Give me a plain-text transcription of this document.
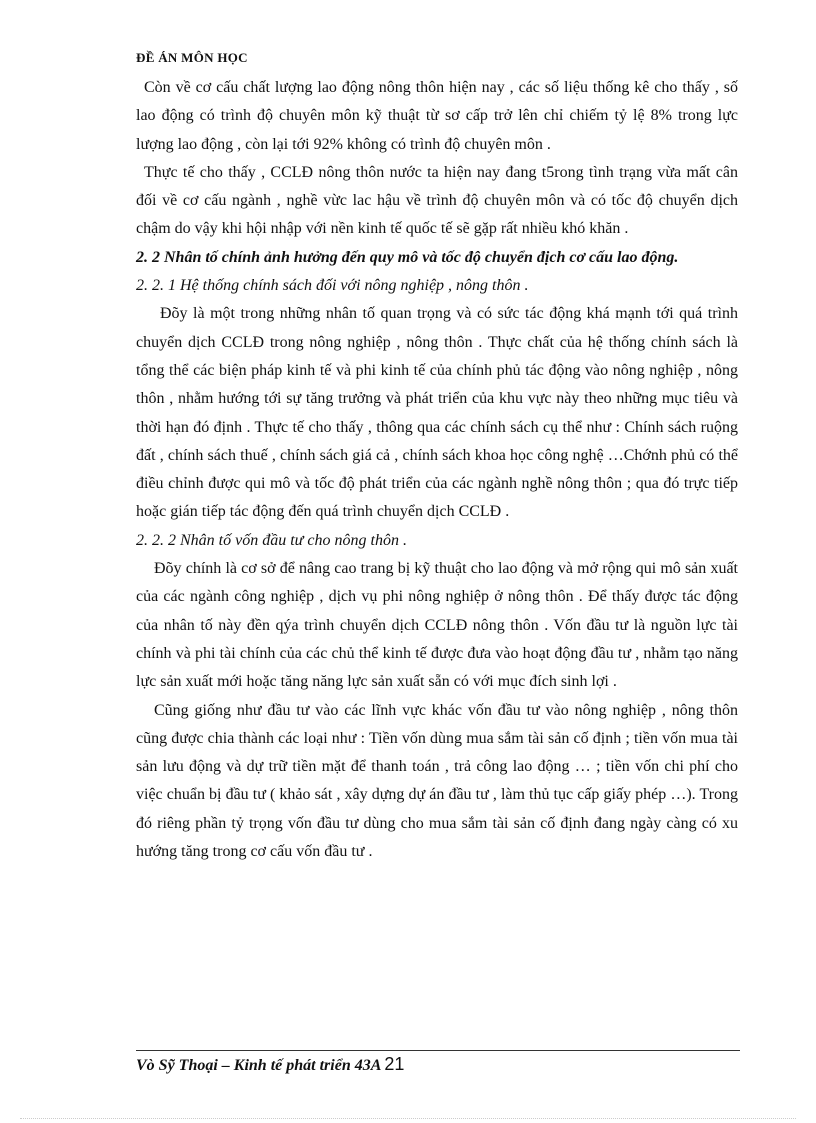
ĐỀ ÁN MÔN HỌC

Còn về cơ cấu chất lượng lao động nông thôn hiện nay , các số liệu thống kê cho thấy , số lao động có trình độ chuyên môn kỹ thuật từ sơ cấp trở lên chỉ chiếm tỷ lệ 8% trong lực lượng lao động , còn lại tới 92% không có trình độ chuyên môn .

Thực tế cho thấy , CCLĐ nông thôn nước ta hiện nay đang t5rong tình trạng vừa mất cân đối về cơ cấu ngành , nghề vừc lac hậu về trình độ chuyên môn và có tốc độ chuyển dịch chậm do vậy khi hội nhập với nền kinh tế quốc tế sẽ gặp rất nhiều khó khăn .

2. 2 Nhân tố chính ảnh hưởng đến quy mô và tốc độ chuyển địch cơ cấu lao động.

2. 2. 1 Hệ thống chính sách đối với nông nghiệp , nông thôn .

Đõy là một trong những nhân tố quan trọng và có sức tác động khá mạnh tới quá trình chuyển dịch CCLĐ trong nông nghiệp , nông thôn . Thực chất của hệ thống chính sách là tổng thể các biện pháp kinh tế và phi kinh tế của chính phủ tác động vào nông nghiệp , nông thôn , nhằm hướng tới sự tăng trưởng và phát triển của khu vực này theo những mục tiêu và thời hạn đó định . Thực tế cho thấy , thông qua các chính sách cụ thể như : Chính sách ruộng đất , chính sách thuế , chính sách giá cả , chính sách khoa học công nghệ …Chớnh phủ có thể điều chỉnh được qui mô và tốc độ phát triển của các ngành nghề nông thôn ; qua đó trực tiếp hoặc gián tiếp tác động đến quá trình chuyển dịch CCLĐ .

2. 2. 2 Nhân tố vốn đầu tư cho nông thôn .

Đõy chính là cơ sở để nâng cao trang bị kỹ thuật cho lao động và mở rộng qui mô sản xuất của các ngành công nghiệp , dịch vụ phi nông nghiệp ở nông thôn . Để thấy được tác động của nhân tố này đền qýa trình chuyển dịch CCLĐ nông thôn . Vốn đầu tư là nguồn lực tài chính và phi tài chính của các chủ thể kinh tế được đưa vào hoạt động đầu tư , nhằm tạo năng lực sản xuất mới hoặc tăng năng lực sản xuất sẵn có với mục đích sinh lợi .

Cũng giống như đầu tư vào các lĩnh vực khác vốn đầu tư vào nông nghiệp , nông thôn cũng được chia thành các loại như : Tiền vốn dùng mua sắm tài sản cố định ; tiền vốn mua tài sản lưu động và dự trữ tiền mặt để thanh toán , trả công lao động … ; tiền vốn chi phí cho việc chuẩn bị đầu tư ( khảo sát , xây dựng dự án đầu tư , làm thủ tục cấp giấy phép …). Trong đó riêng phần tỷ trọng vốn đầu tư dùng cho mua sắm tài sản cố định đang ngày càng có xu hướng tăng trong cơ cấu vốn đầu tư .

Vò Sỹ Thoại – Kinh tế phát triển 43A 21
